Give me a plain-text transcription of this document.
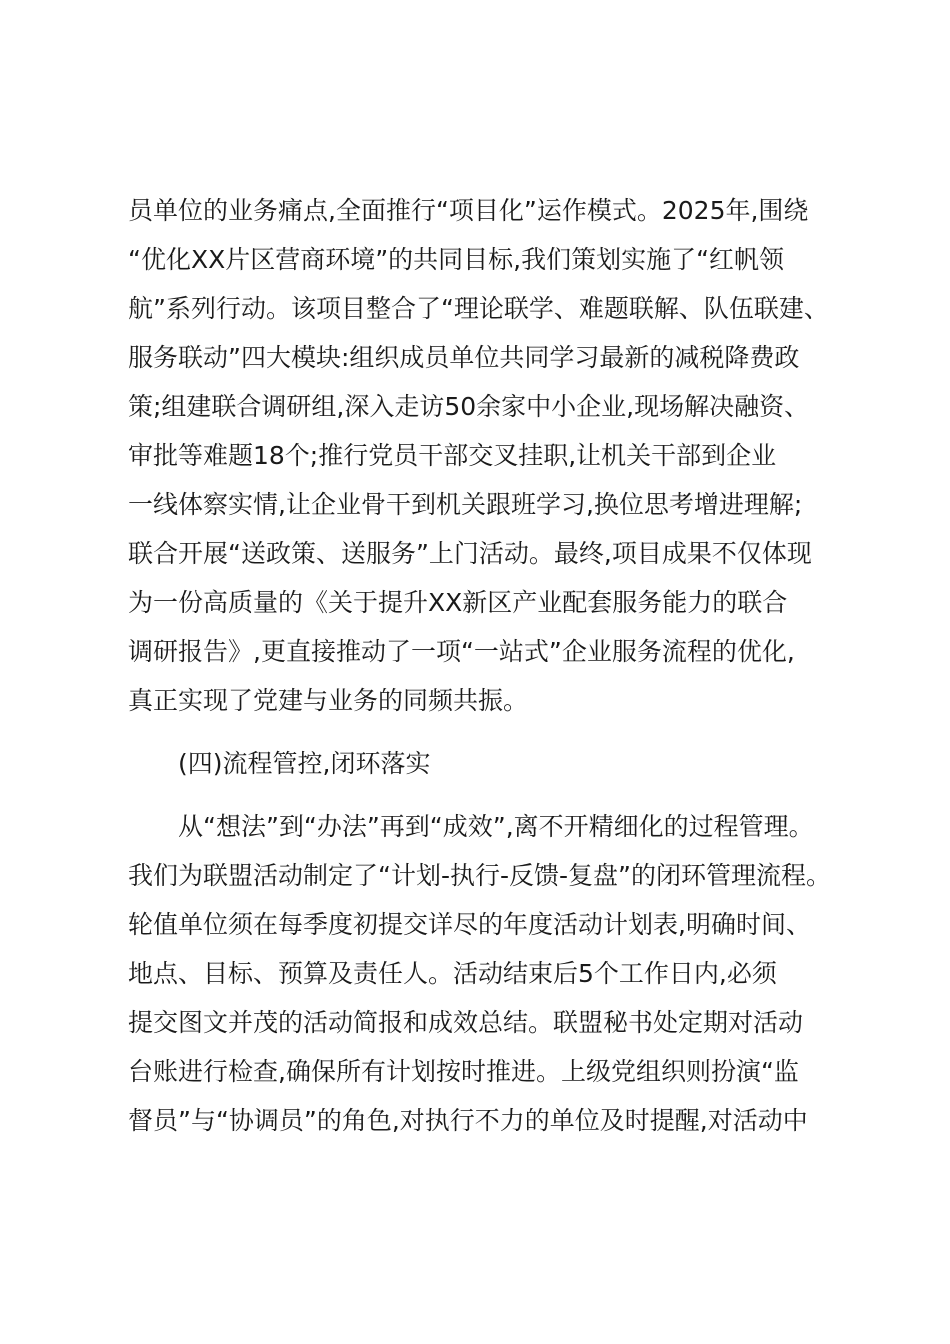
员单位的业务痛点,全面推行“项目化”运作模式。2025年,围绕
“优化XX片区营商环境”的共同目标,我们策划实施了“红帆领
航”系列行动。该项目整合了“理论联学、难题联解、队伍联建、
服务联动”四大模块:组织成员单位共同学习最新的减税降费政
策;组建联合调研组,深入走访50余家中小企业,现场解决融资、
审批等难题18个;推行党员干部交叉挂职,让机关干部到企业
一线体察实情,让企业骨干到机关跟班学习,换位思考增进理解;
联合开展“送政策、送服务”上门活动。最终,项目成果不仅体现
为一份高质量的《关于提升XX新区产业配套服务能力的联合
调研报告》,更直接推动了一项“一站式”企业服务流程的优化,
真正实现了党建与业务的同频共振。
(四)流程管控,闭环落实
从“想法”到“办法”再到“成效”,离不开精细化的过程管理。
我们为联盟活动制定了“计划-执行-反馈-复盘”的闭环管理流程。
轮值单位须在每季度初提交详尽的年度活动计划表,明确时间、
地点、目标、预算及责任人。活动结束后5个工作日内,必须
提交图文并茂的活动简报和成效总结。联盟秘书处定期对活动
台账进行检查,确保所有计划按时推进。上级党组织则扮演“监
督员”与“协调员”的角色,对执行不力的单位及时提醒,对活动中
